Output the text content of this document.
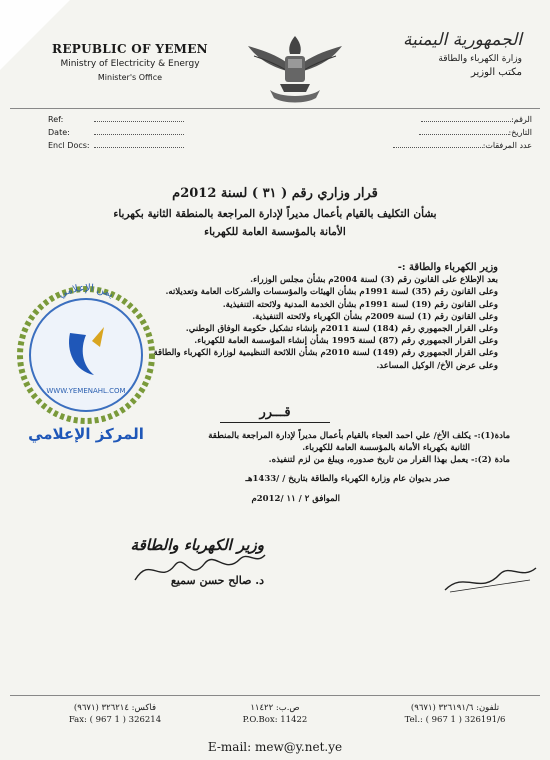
REPUBLIC OF YEMEN
Ministry of Electricity & Energy
Minister's Office
الجمهورية اليمنية
وزارة الكهرباء والطاقة
مكتب الوزير
Ref:
Date:
Encl Docs:
الرقم:
التاريخ:
عدد المرفقات:
قرار وزاري رقم ( ٣١ ) لسنة 2012م
بشأن التكليف بالقيام بأعمال مديراً لإدارة المراجعة بالمنطقة الثانية بكهرباء
الأمانة بالمؤسسة العامة للكهرباء
وزير الكهرباء والطاقة :-
بعد الإطلاع على القانون رقم (3) لسنة 2004م بشأن مجلس الوزراء.
وعلى القانون رقم (35) لسنة 1991م بشأن الهيئات والمؤسسات والشركات العامة وتعديلاته.
وعلى القانون رقم (19) لسنة 1991م بشأن الخدمة المدنية ولائحته التنفيذية.
وعلى القانون رقم (1) لسنة 2009م بشأن الكهرباء ولائحته التنفيذية.
وعلى القرار الجمهوري رقم (184) لسنة 2011م بإنشاء تشكيل حكومة الوفاق الوطني.
وعلى القرار الجمهوري رقم (87) لسنة 1995 بشأن إنشاء المؤسسة العامة للكهرباء.
وعلى القرار الجمهوري رقم (149) لسنة 2010م بشأن اللائحة التنظيمية لوزارة الكهرباء والطاقة.
وعلى عرض الأخ/ الوكيل المساعد.
قـــرر
مادة(1):- يكلف الأخ/ علي احمد العجاء بالقيام بأعمال مديراً لإدارة المراجعة بالمنطقة
الثانية بكهرباء الأمانة بالمؤسسة العامة للكهرباء.
مادة (2):- يعمل بهذا القرار من تاريخ صدوره، ويبلغ من لزم لتنفيذه.
صدر بديوان عام وزارة الكهرباء والطاقة بتاريخ / /1433هـ
الموافق ٢ / ١١ /2012م
يمن الإعلامي
WWW.YEMENAHL.COM
المركز الإعلامي
وزير الكهرباء والطاقة
د. صالح حسن سميع
فاكس: ٣٢٦٢١٤ (٩٦٧١)
Fax: ( 967 1 ) 326214
ص.ب: ١١٤٢٢
P.O.Box: 11422
تلفون: ٣٢٦١٩١/٦ (٩٦٧١)
Tel.: ( 967 1 ) 326191/6
E-mail: mew@y.net.ye
